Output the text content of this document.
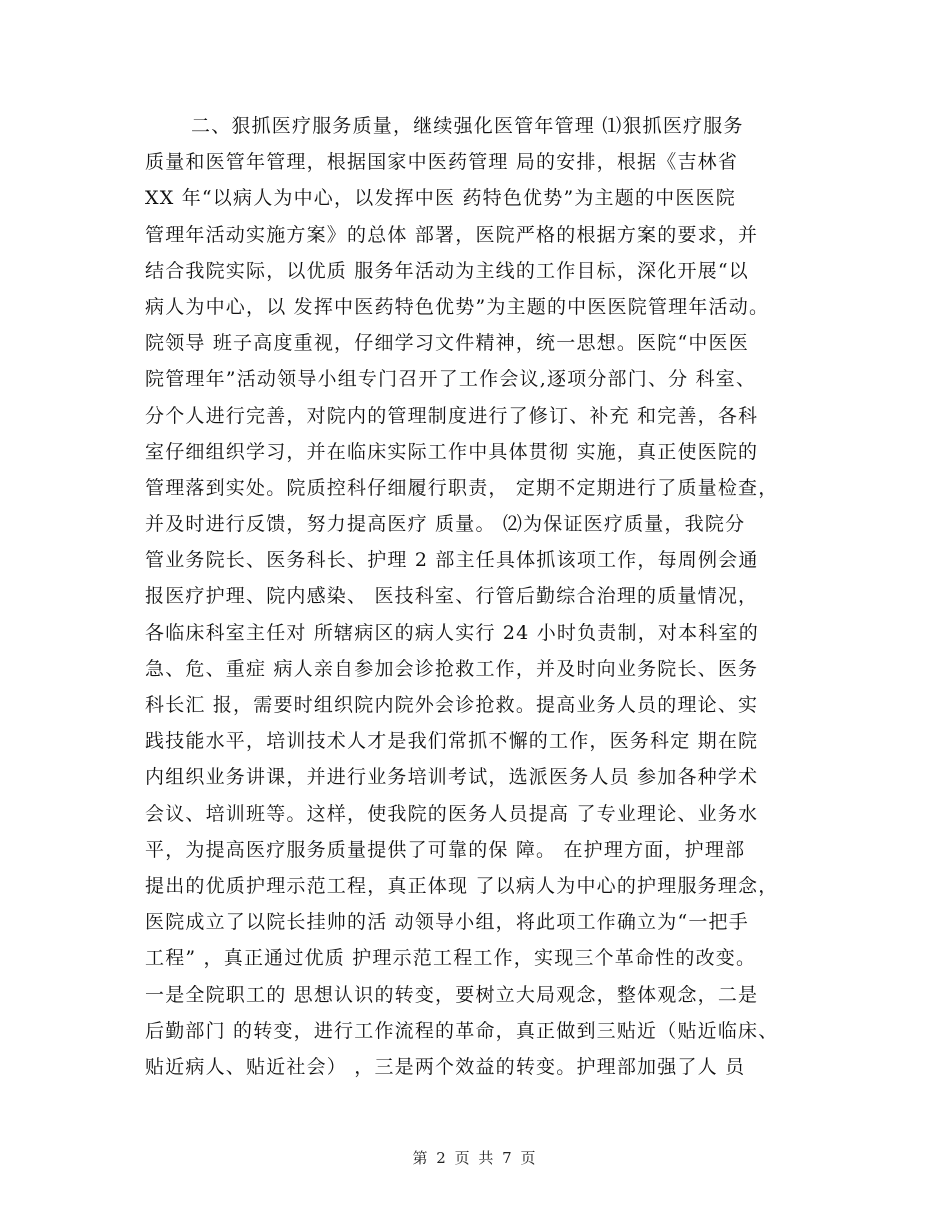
二、狠抓医疗服务质量，继续强化医管年管理 ⑴狠抓医疗服务
质量和医管年管理，根据国家中医药管理 局的安排，根据《吉林省
XX 年“以病人为中心，以发挥中医 药特色优势”为主题的中医医院
管理年活动实施方案》的总体 部署，医院严格的根据方案的要求，并
结合我院实际，以优质 服务年活动为主线的工作目标，深化开展“以
病人为中心，以 发挥中医药特色优势”为主题的中医医院管理年活动。
院领导 班子高度重视，仔细学习文件精神，统一思想。医院“中医医
院管理年”活动领导小组专门召开了工作会议,逐项分部门、分 科室、
分个人进行完善，对院内的管理制度进行了修订、补充 和完善，各科
室仔细组织学习，并在临床实际工作中具体贯彻 实施，真正使医院的
管理落到实处。院质控科仔细履行职责， 定期不定期进行了质量检查，
并及时进行反馈，努力提高医疗 质量。 ⑵为保证医疗质量，我院分
管业务院长、医务科长、护理 2 部主任具体抓该项工作，每周例会通
报医疗护理、院内感染、 医技科室、行管后勤综合治理的质量情况，
各临床科室主任对 所辖病区的病人实行 24 小时负责制，对本科室的
急、危、重症 病人亲自参加会诊抢救工作，并及时向业务院长、医务
科长汇 报，需要时组织院内院外会诊抢救。提高业务人员的理论、实
践技能水平，培训技术人才是我们常抓不懈的工作，医务科定 期在院
内组织业务讲课，并进行业务培训考试，选派医务人员 参加各种学术
会议、培训班等。这样，使我院的医务人员提高 了专业理论、业务水
平，为提高医疗服务质量提供了可靠的保 障。 在护理方面，护理部
提出的优质护理示范工程，真正体现 了以病人为中心的护理服务理念，
医院成立了以院长挂帅的活 动领导小组，将此项工作确立为“一把手
工程” ，真正通过优质 护理示范工程工作，实现三个革命性的改变。
一是全院职工的 思想认识的转变，要树立大局观念，整体观念，二是
后勤部门 的转变，进行工作流程的革命，真正做到三贴近（贴近临床、
贴近病人、贴近社会） ，三是两个效益的转变。护理部加强了人 员
第 2 页 共 7 页
